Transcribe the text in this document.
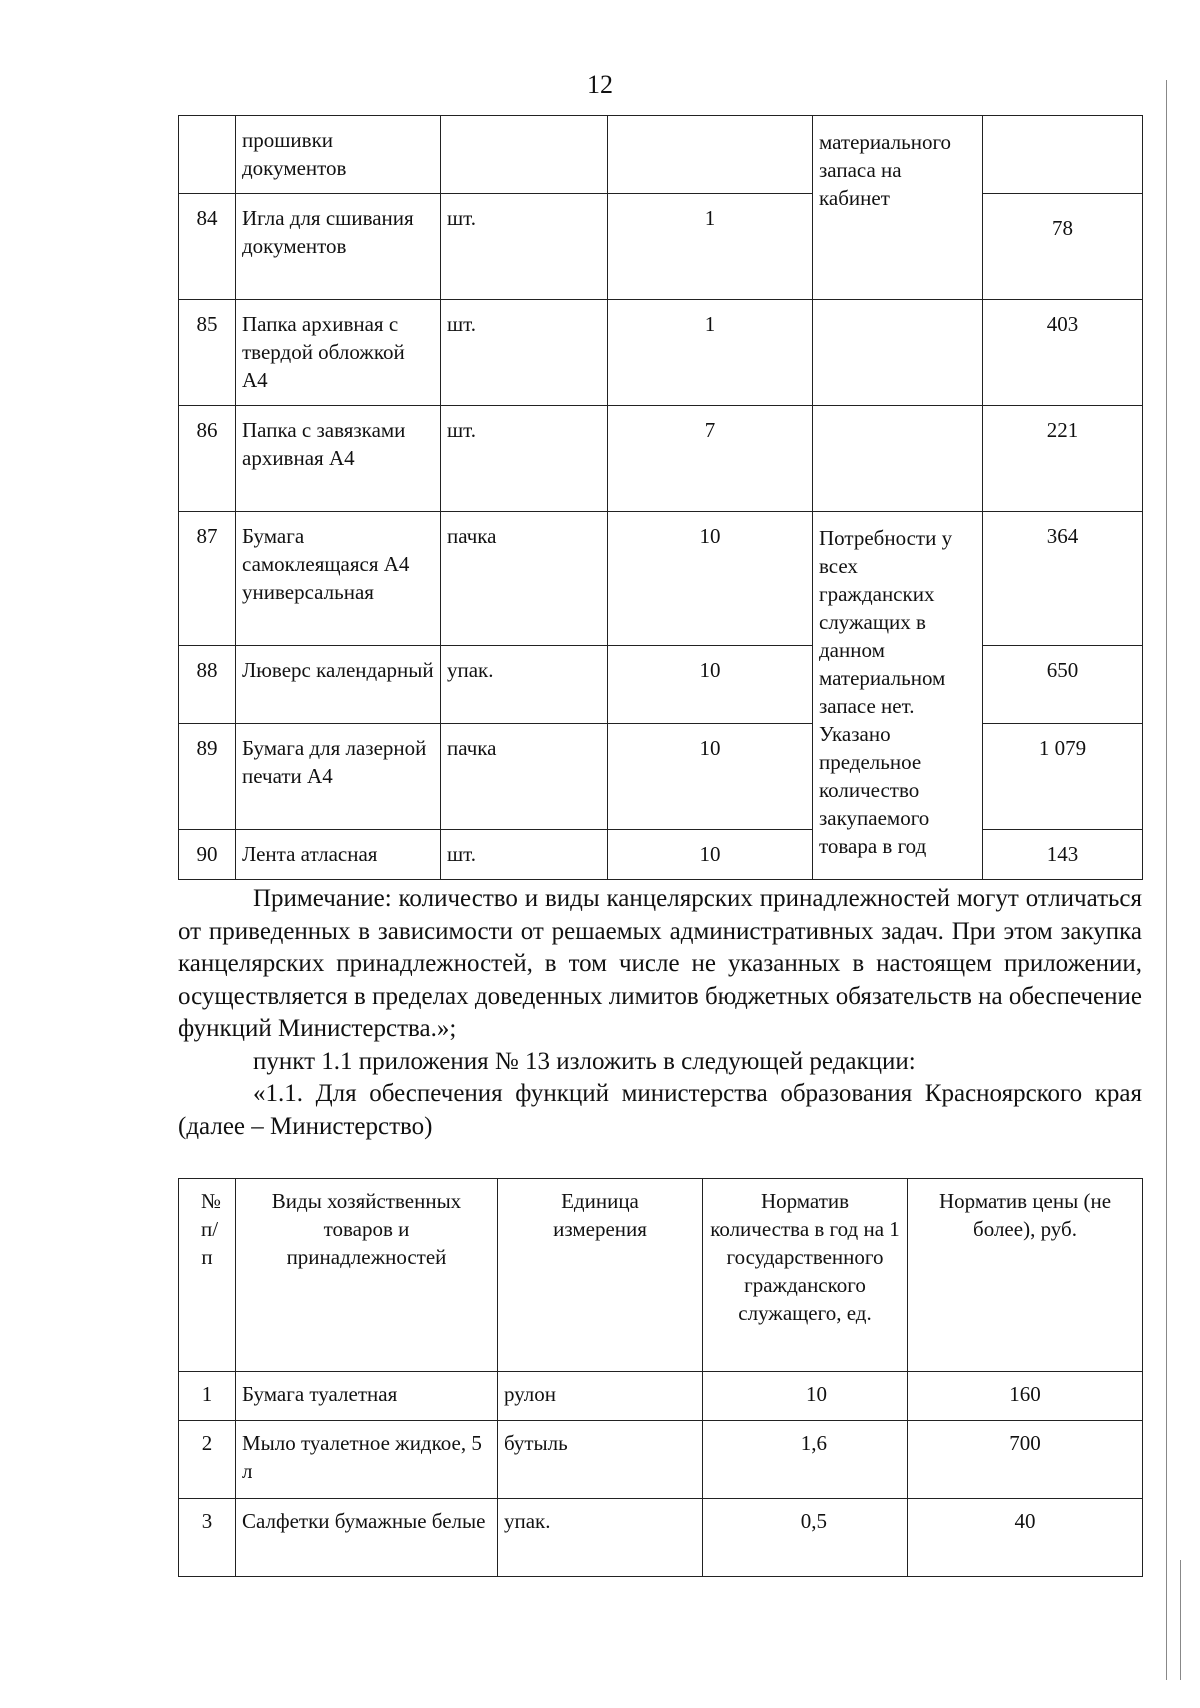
12
	прошивки документов			материального запаса на кабинет	
84	Игла для сшивания документов	шт.	1		78
85	Папка архивная с твердой обложкой А4	шт.	1		403
86	Папка с завязками архивная А4	шт.	7		221
87	Бумага самоклеящаяся А4 универсальная	пачка	10	Потребности у всех гражданских служащих в данном материальном запасе нет. Указано предельное количество закупаемого товара в год	364
88	Люверс календарный	упак.	10		650
89	Бумага для лазерной печати А4	пачка	10		1 079
90	Лента атласная	шт.	10		143

Примечание: количество и виды канцелярских принадлежностей могут отличаться от приведенных в зависимости от решаемых административных задач. При этом закупка канцелярских принадлежностей, в том числе не указанных в настоящем приложении, осуществляется в пределах доведенных лимитов бюджетных обязательств на обеспечение функций Министерства.»;

пункт 1.1 приложения № 13 изложить в следующей редакции:

«1.1. Для обеспечения функций министерства образования Красноярского края (далее – Министерство)

№ п/п	Виды хозяйственных товаров и принадлежностей	Единица измерения	Норматив количества в год на 1 государственного гражданского служащего, ед.	Норматив цены (не более), руб.
1	Бумага туалетная	рулон	10	160
2	Мыло туалетное жидкое, 5 л	бутыль	1,6	700
3	Салфетки бумажные белые	упак.	0,5	40
